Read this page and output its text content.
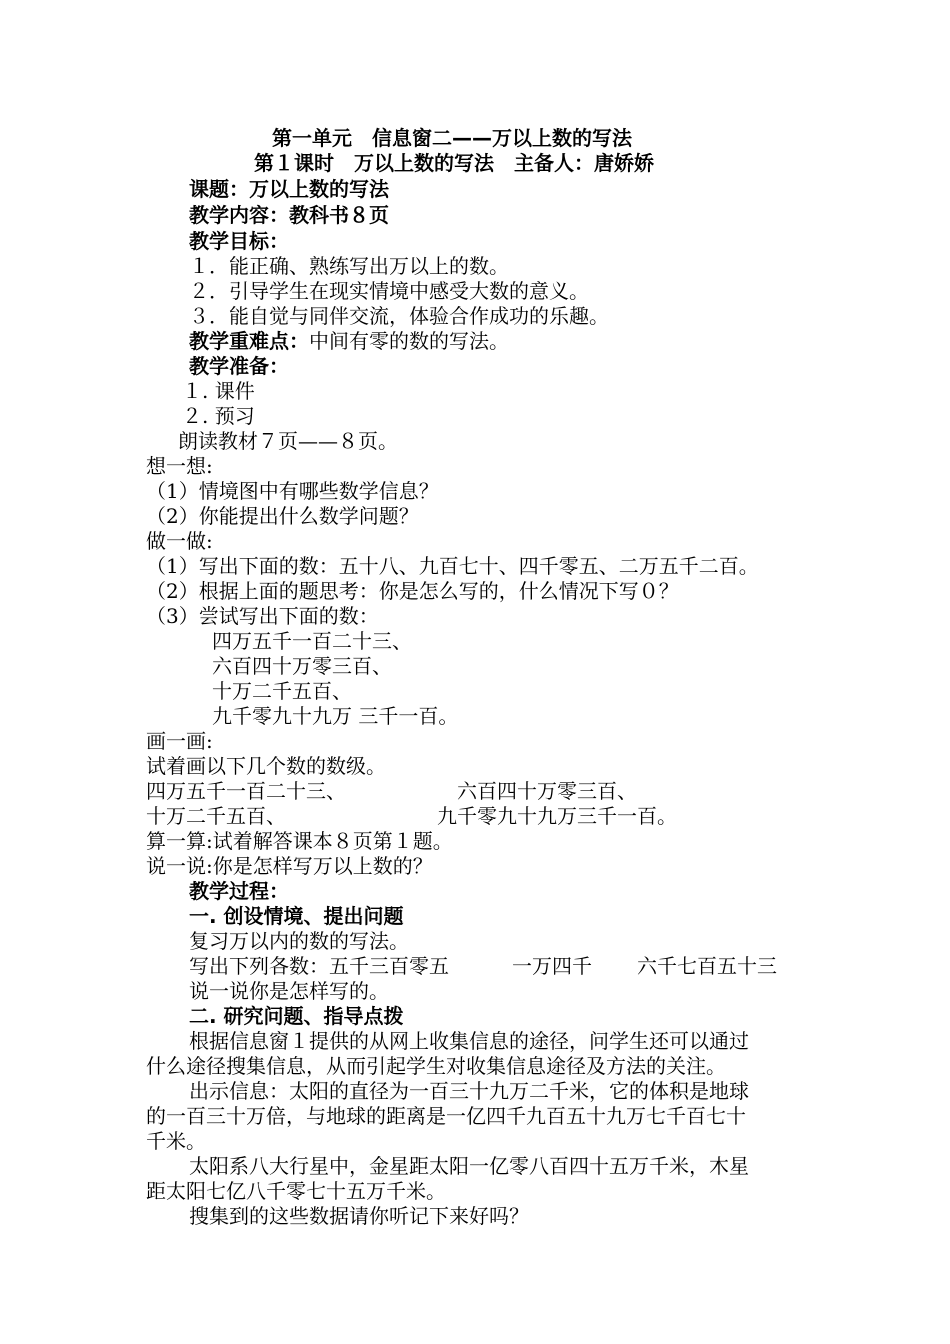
第一单元　信息窗二——万以上数的写法
第１课时　万以上数的写法　主备人：唐娇娇
课题：万以上数的写法
教学内容：教科书８页
教学目标：
１．能正确、熟练写出万以上的数。
２．引导学生在现实情境中感受大数的意义。
３．能自觉与同伴交流，体验合作成功的乐趣。
教学重难点：中间有零的数的写法。
教学准备：
１. 课件
２. 预习
朗读教材７页——８页。
想一想:
（1）情境图中有哪些数学信息？
（2）你能提出什么数学问题？
做一做:
（1）写出下面的数：五十八、九百七十、四千零五、二万五千二百。
（2）根据上面的题思考：你是怎么写的，什么情况下写０？
（3）尝试写出下面的数：
四万五千一百二十三、
六百四十万零三百、
十万二千五百、
九千零九十九万 三千一百。
画一画:
试着画以下几个数的数级。
四万五千一百二十三、	六百四十万零三百、
十万二千五百、	九千零九十九万三千一百。
算一算:试着解答课本８页第１题。
说一说:你是怎样写万以上数的？
教学过程：
一. 创设情境、提出问题
复习万以内的数的写法。
写出下列各数：五千三百零五	一万四千 六千七百五十三
说一说你是怎样写的。
二. 研究问题、指导点拨
根据信息窗１提供的从网上收集信息的途径，问学生还可以通过
什么途径搜集信息，从而引起学生对收集信息途径及方法的关注。
出示信息：太阳的直径为一百三十九万二千米，它的体积是地球
的一百三十万倍，与地球的距离是一亿四千九百五十九万七千百七十
千米。
太阳系八大行星中，金星距太阳一亿零八百四十五万千米，木星
距太阳七亿八千零七十五万千米。
搜集到的这些数据请你听记下来好吗？
